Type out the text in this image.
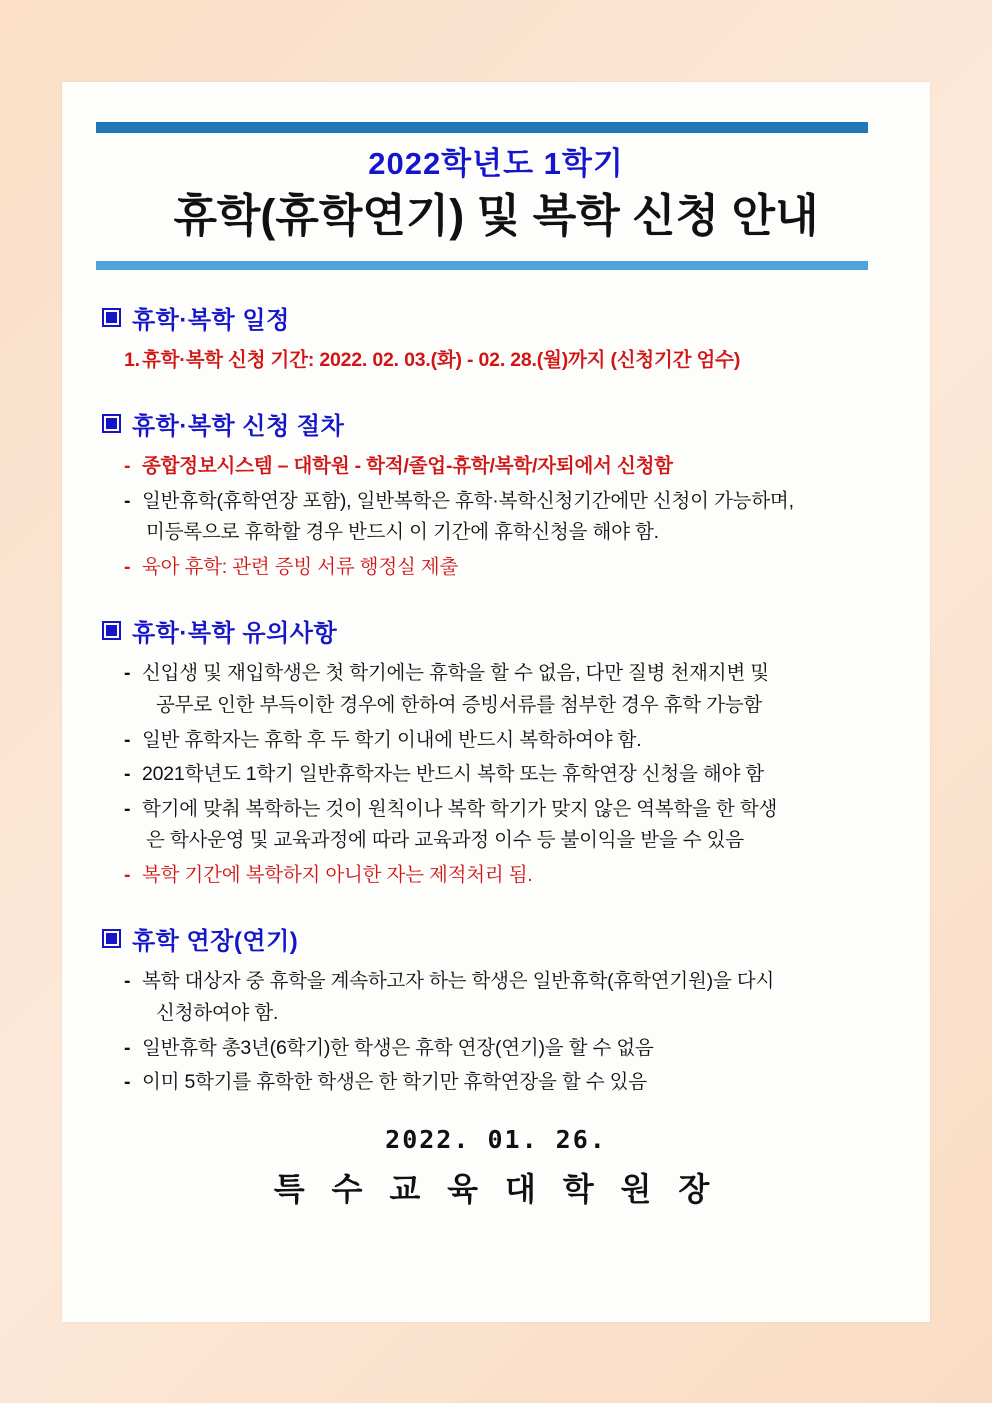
2022학년도 1학기
휴학(휴학연기) 및 복학 신청 안내
휴학·복학 일정
1. 휴학·복학 신청 기간: 2022. 02. 03.(화) - 02. 28.(월)까지 (신청기간 엄수)
휴학·복학 신청 절차
- 종합정보시스템 – 대학원 - 학적/졸업-휴학/복학/자퇴에서 신청함
- 일반휴학(휴학연장 포함), 일반복학은 휴학·복학신청기간에만 신청이 가능하며,
미등록으로 휴학할 경우 반드시 이 기간에 휴학신청을 해야 함.
- 육아 휴학: 관련 증빙 서류 행정실 제출
휴학·복학 유의사항
- 신입생 및 재입학생은 첫 학기에는 휴학을 할 수 없음, 다만 질병 천재지변 및
공무로 인한 부득이한 경우에 한하여 증빙서류를 첨부한 경우 휴학 가능함
- 일반 휴학자는 휴학 후 두 학기 이내에 반드시 복학하여야 함.
- 2021학년도 1학기 일반휴학자는 반드시 복학 또는 휴학연장 신청을 해야 함
- 학기에 맞춰 복학하는 것이 원칙이나 복학 학기가 맞지 않은 역복학을 한 학생
은 학사운영 및 교육과정에 따라 교육과정 이수 등 불이익을 받을 수 있음
- 복학 기간에 복학하지 아니한 자는 제적처리 됨.
휴학 연장(연기)
- 복학 대상자 중 휴학을 계속하고자 하는 학생은 일반휴학(휴학연기원)을 다시
신청하여야 함.
- 일반휴학 총3년(6학기)한 학생은 휴학 연장(연기)을 할 수 없음
- 이미 5학기를 휴학한 학생은 한 학기만 휴학연장을 할 수 있음
2022. 01. 26.
특 수 교 육 대 학 원 장
